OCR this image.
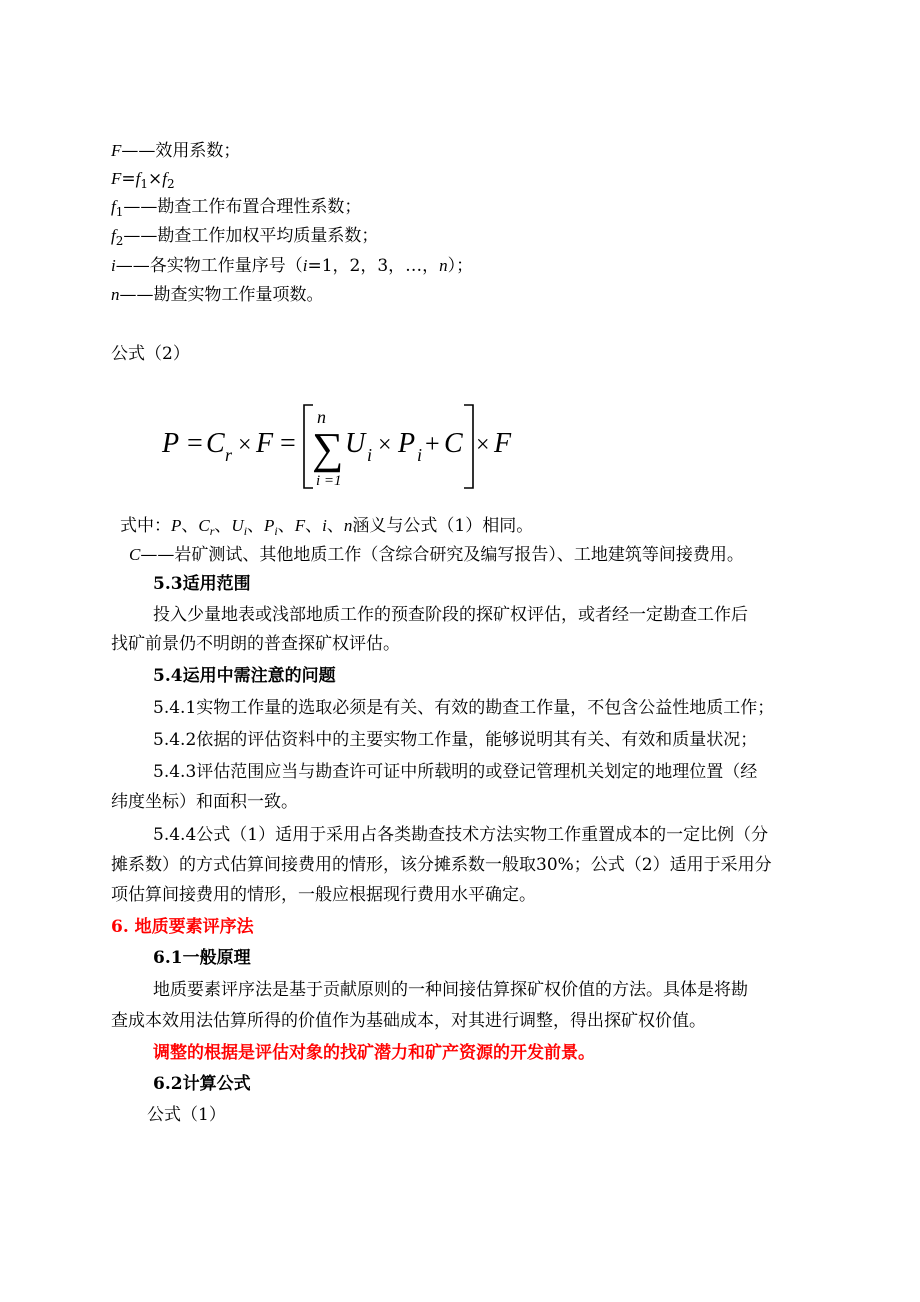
F——效用系数；
$F=f_1\times f_2$
$f_1——$勘查工作布置合理性系数；
$f_2——$勘查工作加权平均质量系数；
i——各实物工作量序号（i=1，2，3，…，n）；
n——勘查实物工作量项数。
公式（2）
P = C r × F =
n
∑
i =1
U i × P i + C × F
式中：P、$C_r$、$U_i$、$P_i$、F、i、n涵义与公式（1）相同。
C——岩矿测试、其他地质工作（含综合研究及编写报告）、工地建筑等间接费用。
5.3适用范围
投入少量地表或浅部地质工作的预查阶段的探矿权评估，或者经一定勘查工作后
找矿前景仍不明朗的普查探矿权评估。
5.4运用中需注意的问题
5.4.1实物工作量的选取必须是有关、有效的勘查工作量，不包含公益性地质工作；
5.4.2依据的评估资料中的主要实物工作量，能够说明其有关、有效和质量状况；
5.4.3评估范围应当与勘查许可证中所载明的或登记管理机关划定的地理位置（经
纬度坐标）和面积一致。
5.4.4公式（1）适用于采用占各类勘查技术方法实物工作重置成本的一定比例（分
摊系数）的方式估算间接费用的情形，该分摊系数一般取30%；公式（2）适用于采用分
项估算间接费用的情形，一般应根据现行费用水平确定。
6. 地质要素评序法
6.1一般原理
地质要素评序法是基于贡献原则的一种间接估算探矿权价值的方法。具体是将勘
查成本效用法估算所得的价值作为基础成本，对其进行调整，得出探矿权价值。
调整的根据是评估对象的找矿潜力和矿产资源的开发前景。
6.2计算公式
公式（1）
